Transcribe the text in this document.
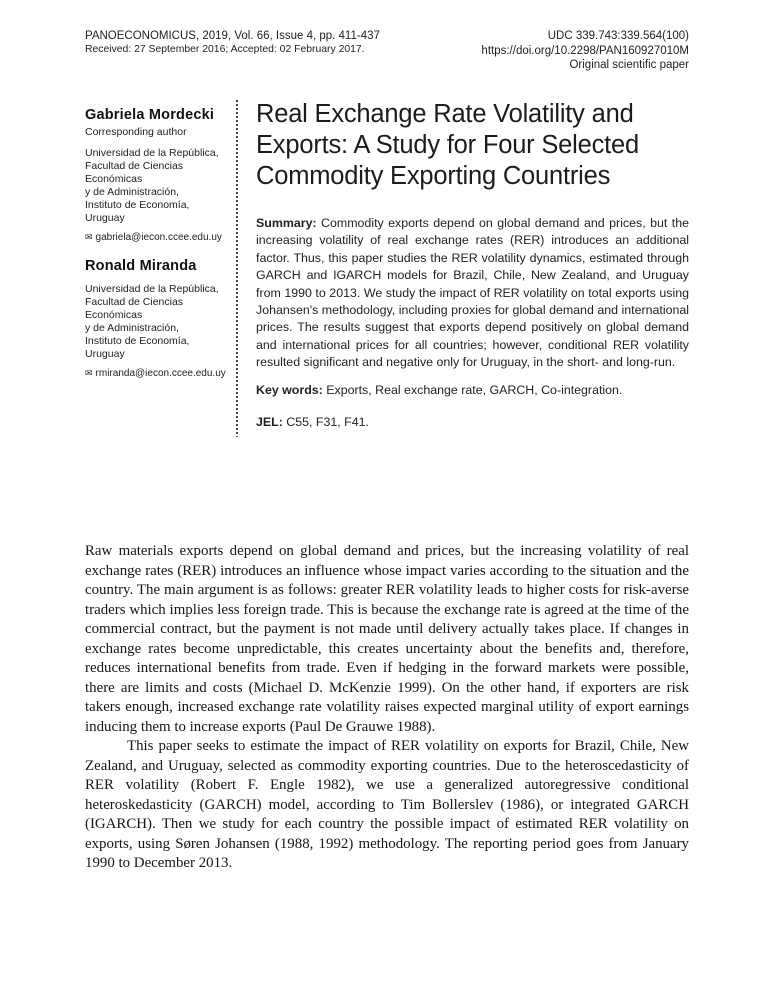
PANOECONOMICUS, 2019, Vol. 66, Issue 4, pp. 411-437
Received: 27 September 2016; Accepted: 02 February 2017.
UDC 339.743:339.564(100)
https://doi.org/10.2298/PAN160927010M
Original scientific paper
Gabriela Mordecki
Corresponding author
Universidad de la República,
Facultad de Ciencias Económicas
y de Administración,
Instituto de Economía,
Uruguay
✉ gabriela@iecon.ccee.edu.uy
Ronald Miranda
Universidad de la República,
Facultad de Ciencias Económicas
y de Administración,
Instituto de Economía,
Uruguay
✉ rmiranda@iecon.ccee.edu.uy
Real Exchange Rate Volatility and Exports: A Study for Four Selected Commodity Exporting Countries

Summary: Commodity exports depend on global demand and prices, but the increasing volatility of real exchange rates (RER) introduces an additional factor. Thus, this paper studies the RER volatility dynamics, estimated through GARCH and IGARCH models for Brazil, Chile, New Zealand, and Uruguay from 1990 to 2013. We study the impact of RER volatility on total exports using Johansen's methodology, including proxies for global demand and international prices. The results suggest that exports depend positively on global demand and international prices for all countries; however, conditional RER volatility resulted significant and negative only for Uruguay, in the short- and long-run.

Key words: Exports, Real exchange rate, GARCH, Co-integration.

JEL: C55, F31, F41.

Raw materials exports depend on global demand and prices, but the increasing volatility of real exchange rates (RER) introduces an influence whose impact varies according to the situation and the country. The main argument is as follows: greater RER volatility leads to higher costs for risk-averse traders which implies less foreign trade. This is because the exchange rate is agreed at the time of the commercial contract, but the payment is not made until delivery actually takes place. If changes in exchange rates become unpredictable, this creates uncertainty about the benefits and, therefore, reduces international benefits from trade. Even if hedging in the forward markets were possible, there are limits and costs (Michael D. McKenzie 1999). On the other hand, if exporters are risk takers enough, increased exchange rate volatility raises expected marginal utility of export earnings inducing them to increase exports (Paul De Grauwe 1988).

This paper seeks to estimate the impact of RER volatility on exports for Brazil, Chile, New Zealand, and Uruguay, selected as commodity exporting countries. Due to the heteroscedasticity of RER volatility (Robert F. Engle 1982), we use a generalized autoregressive conditional heteroskedasticity (GARCH) model, according to Tim Bollerslev (1986), or integrated GARCH (IGARCH). Then we study for each country the possible impact of estimated RER volatility on exports, using Søren Johansen (1988, 1992) methodology. The reporting period goes from January 1990 to December 2013.
